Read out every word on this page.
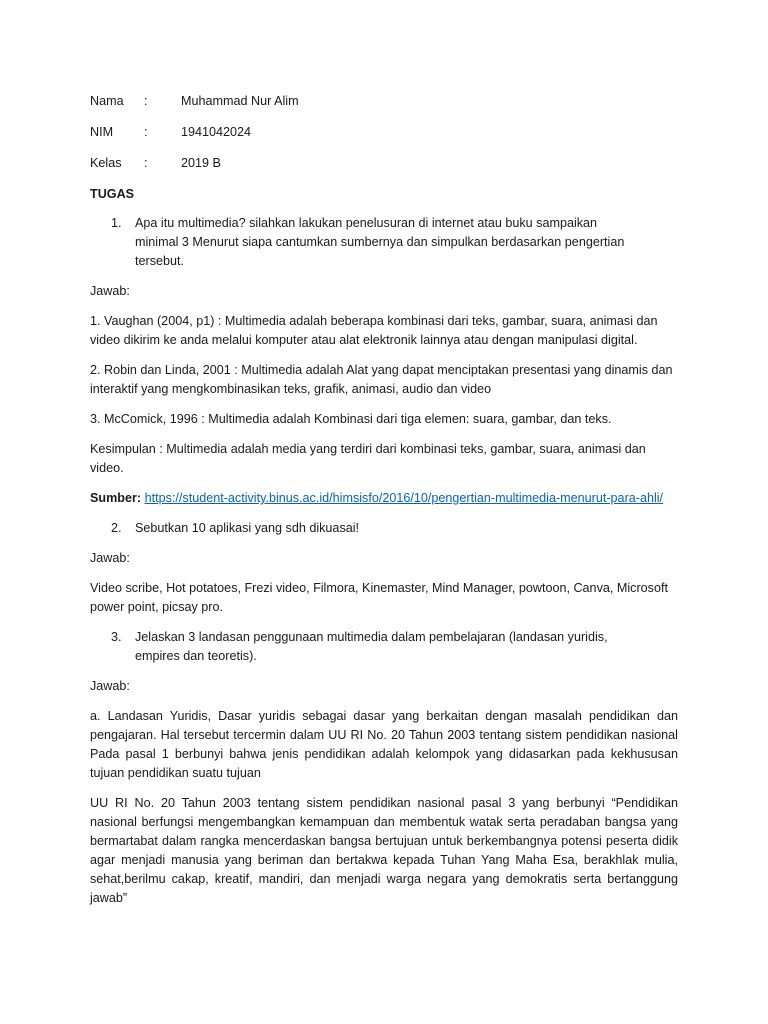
Nama	:	Muhammad Nur Alim
NIM	:	1941042024
Kelas	:	2019 B

TUGAS

1.	Apa itu multimedia? silahkan lakukan penelusuran di internet atau buku sampaikan minimal 3 Menurut siapa cantumkan sumbernya dan simpulkan berdasarkan pengertian tersebut.

Jawab:

1. Vaughan (2004, p1) : Multimedia adalah beberapa kombinasi dari teks, gambar, suara, animasi dan video dikirim ke anda melalui komputer atau alat elektronik lainnya atau dengan manipulasi digital.

2. Robin dan Linda, 2001 : Multimedia adalah Alat yang dapat menciptakan presentasi yang dinamis dan interaktif yang mengkombinasikan teks, grafik, animasi, audio dan video

3. McComick, 1996 : Multimedia adalah Kombinasi dari tiga elemen: suara, gambar, dan teks.

Kesimpulan : Multimedia adalah media yang terdiri dari kombinasi teks, gambar, suara, animasi dan video.

Sumber: https://student-activity.binus.ac.id/himsisfo/2016/10/pengertian-multimedia-menurut-para-ahli/

2.	Sebutkan 10 aplikasi yang sdh dikuasai!

Jawab:

Video scribe, Hot potatoes, Frezi video, Filmora, Kinemaster, Mind Manager, powtoon, Canva, Microsoft power point, picsay pro.

3.	Jelaskan 3 landasan penggunaan multimedia dalam pembelajaran (landasan yuridis, empires dan teoretis).

Jawab:

a. Landasan Yuridis, Dasar yuridis sebagai dasar yang berkaitan dengan masalah pendidikan dan pengajaran. Hal tersebut tercermin dalam UU RI No. 20 Tahun 2003 tentang sistem pendidikan nasional Pada pasal 1 berbunyi bahwa jenis pendidikan adalah kelompok yang didasarkan pada kekhususan tujuan pendidikan suatu tujuan

UU RI No. 20 Tahun 2003 tentang sistem pendidikan nasional pasal 3 yang berbunyi “Pendidikan nasional berfungsi mengembangkan kemampuan dan membentuk watak serta peradaban bangsa yang bermartabat dalam rangka mencerdaskan bangsa bertujuan untuk berkembangnya potensi peserta didik agar menjadi manusia yang beriman dan bertakwa kepada Tuhan Yang Maha Esa, berakhlak mulia, sehat,berilmu cakap, kreatif, mandiri, dan menjadi warga negara yang demokratis serta bertanggung jawab”
